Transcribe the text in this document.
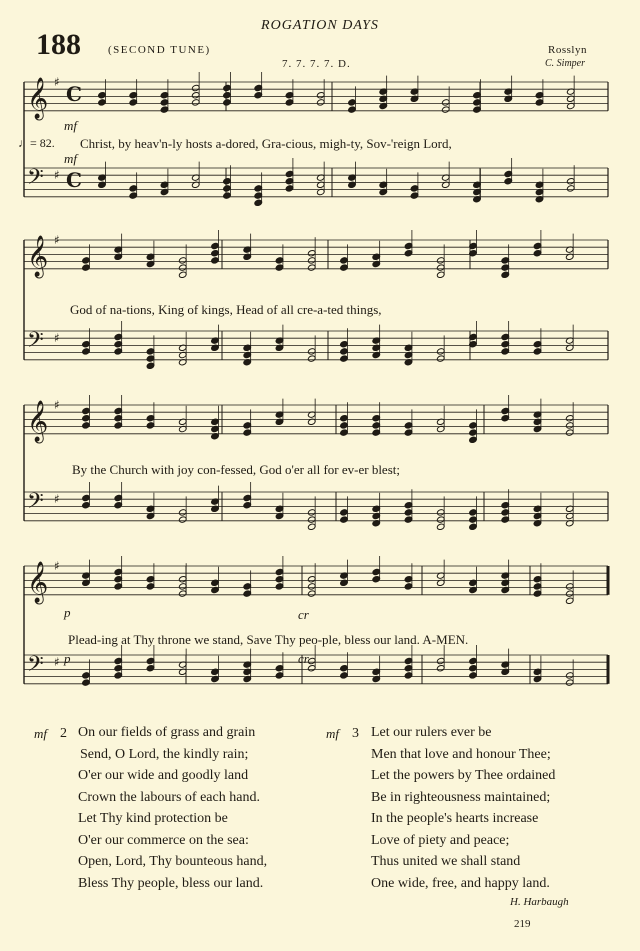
ROGATION DAYS
188 (SECOND TUNE)
7. 7. 7. 7. D.
Rosslyn
C. Simper
𝄞 ♯ C
𝄢 ♯ C
𝄞 ♯
𝄢 ♯
𝄞 ♯
𝄢 ♯
𝄞 ♯
𝄢 ♯
♩= 82.
mf
mf
p	cr
p	cr
Christ, by heav'n-ly hosts a-dored, Gra-cious, migh-ty, Sov-'reign Lord,
God of na-tions, King of kings, Head of all cre-a-ted things,
By the Church with joy con-fessed, God o'er all for ev-er blest;
Plead-ing at Thy throne we stand, Save Thy peo-ple, bless our land. A-MEN.
mf 2 On our fields of grass and grain
Send, O Lord, the kindly rain;
O'er our wide and goodly land
Crown the labours of each hand.
Let Thy kind protection be
O'er our commerce on the sea:
Open, Lord, Thy bounteous hand,
Bless Thy people, bless our land.
mf 3 Let our rulers ever be
Men that love and honour Thee;
Let the powers by Thee ordained
Be in righteousness maintained;
In the people's hearts increase
Love of piety and peace;
Thus united we shall stand
One wide, free, and happy land.
H. Harbaugh
219
